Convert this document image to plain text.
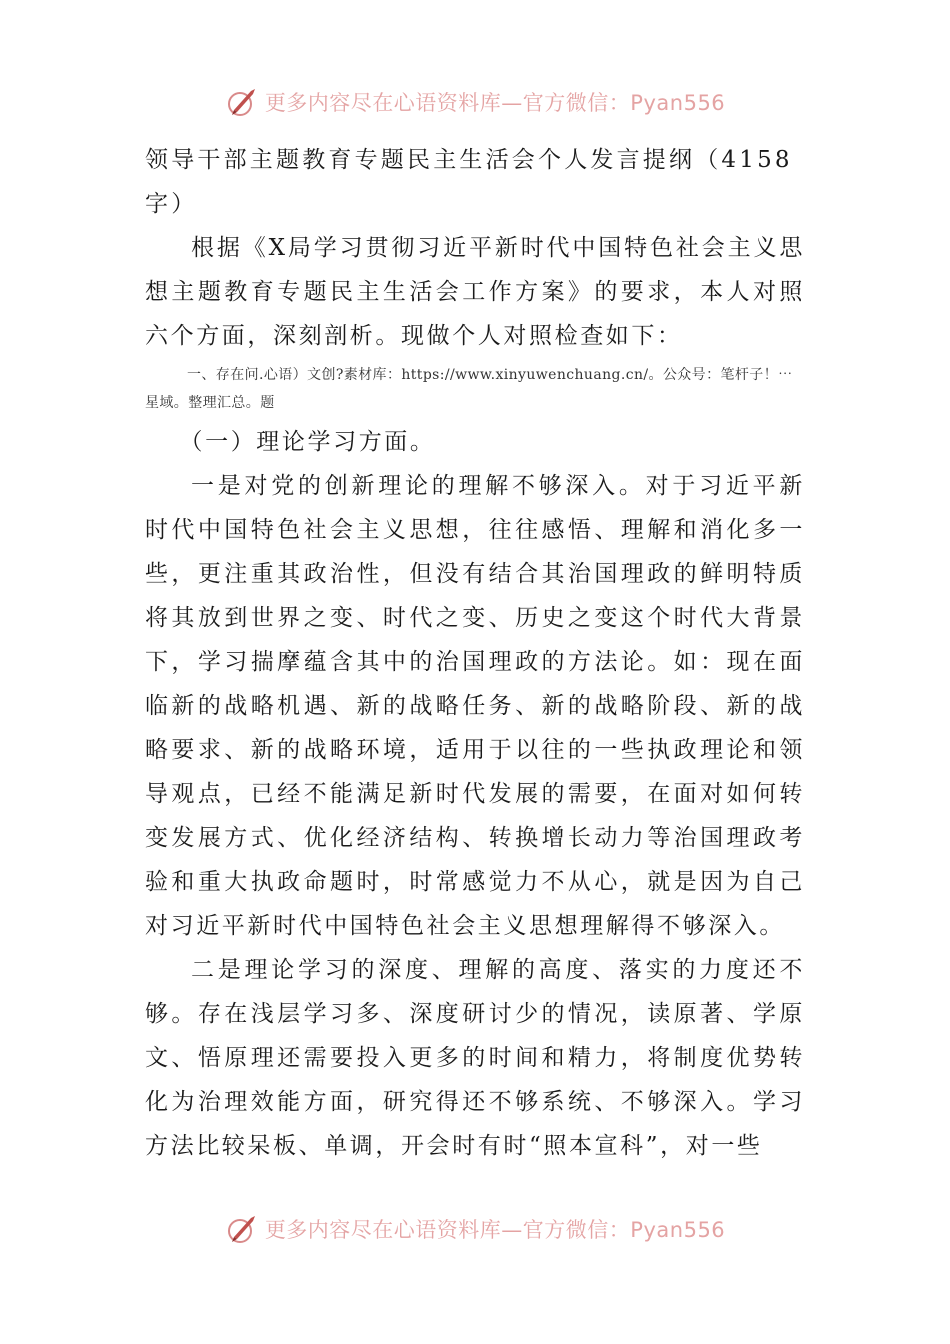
更多内容尽在心语资料库—官方微信：Pyan556

领导干部主题教育专题民主生活会个人发言提纲（4158字）

根据《X局学习贯彻习近平新时代中国特色社会主义思想主题教育专题民主生活会工作方案》的要求，本人对照六个方面，深刻剖析。现做个人对照检查如下：

一、存在问.心语）文创?素材库：https://www.xinyuwenchuang.cn/。公众号：笔杆子！⋯星域。整理汇总。题

（一）理论学习方面。

一是对党的创新理论的理解不够深入。对于习近平新时代中国特色社会主义思想，往往感悟、理解和消化多一些，更注重其政治性，但没有结合其治国理政的鲜明特质将其放到世界之变、时代之变、历史之变这个时代大背景下，学习揣摩蕴含其中的治国理政的方法论。如：现在面临新的战略机遇、新的战略任务、新的战略阶段、新的战略要求、新的战略环境，适用于以往的一些执政理论和领导观点，已经不能满足新时代发展的需要，在面对如何转变发展方式、优化经济结构、转换增长动力等治国理政考验和重大执政命题时，时常感觉力不从心，就是因为自己对习近平新时代中国特色社会主义思想理解得不够深入。

二是理论学习的深度、理解的高度、落实的力度还不够。存在浅层学习多、深度研讨少的情况，读原著、学原文、悟原理还需要投入更多的时间和精力，将制度优势转化为治理效能方面，研究得还不够系统、不够深入。学习方法比较呆板、单调，开会时有时“照本宣科”，对一些

更多内容尽在心语资料库—官方微信：Pyan556
